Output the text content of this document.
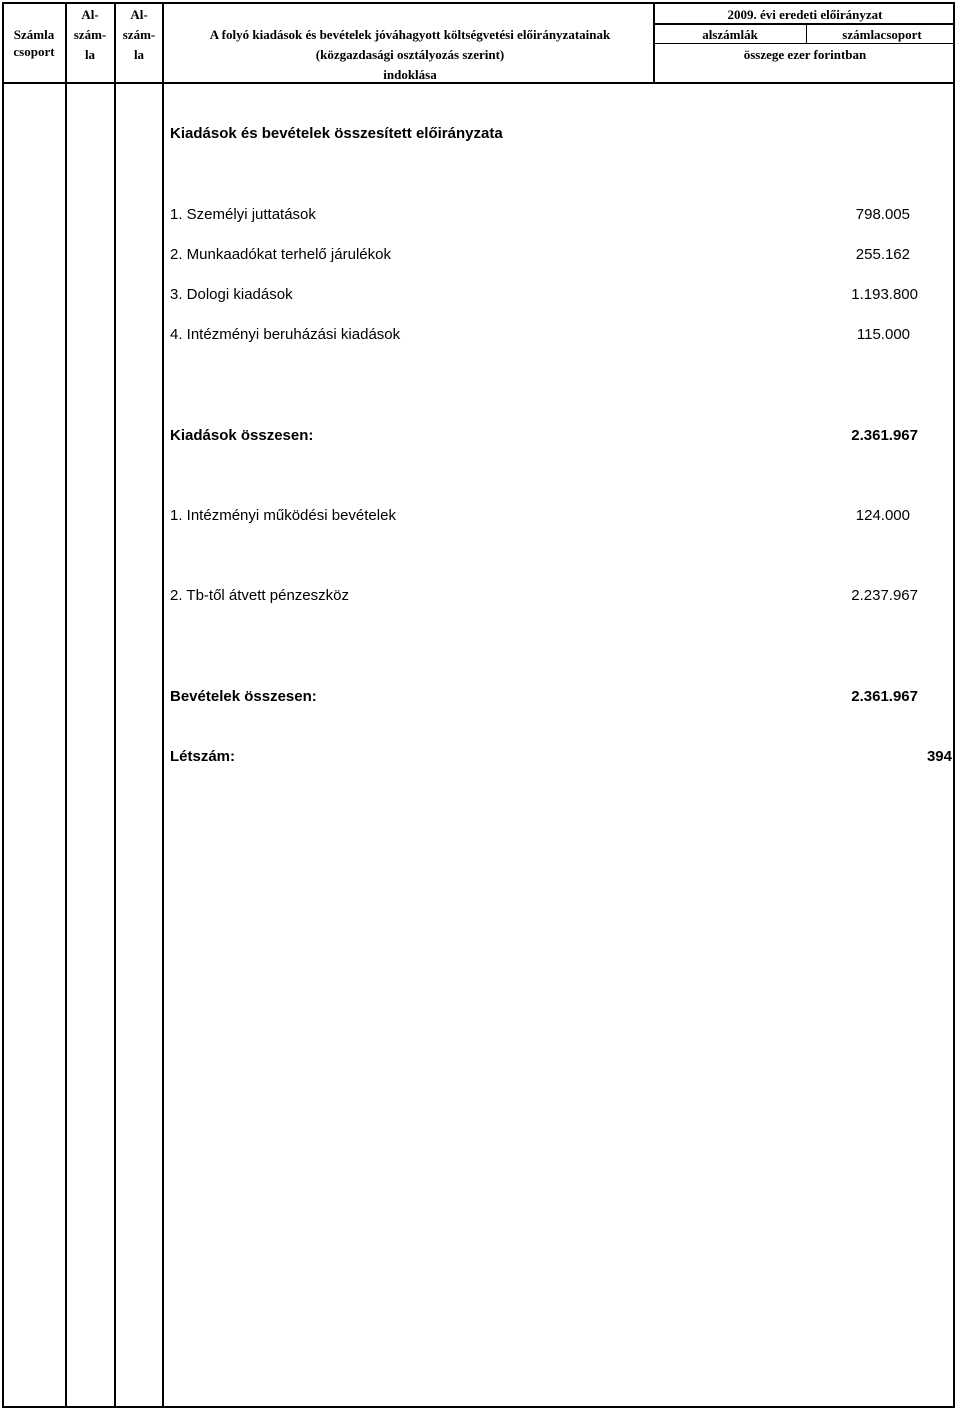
Számla
csoport
Al-
szám-
la
Al-
szám-
la
A folyó kiadások és bevételek jóváhagyott költségvetési előirányzatainak
(közgazdasági osztályozás szerint)
indoklása
2009. évi eredeti előirányzat
alszámlák	számlacsoport
összege ezer forintban
Kiadások és bevételek összesített előirányzata
1. Személyi juttatások	798.005
2. Munkaadókat terhelő járulékok	255.162
3. Dologi kiadások	1.193.800
4. Intézményi beruházási kiadások	115.000
Kiadások összesen:	2.361.967
1. Intézményi működési bevételek	124.000
2. Tb-től átvett pénzeszköz	2.237.967
Bevételek összesen:	2.361.967
Létszám:	394
